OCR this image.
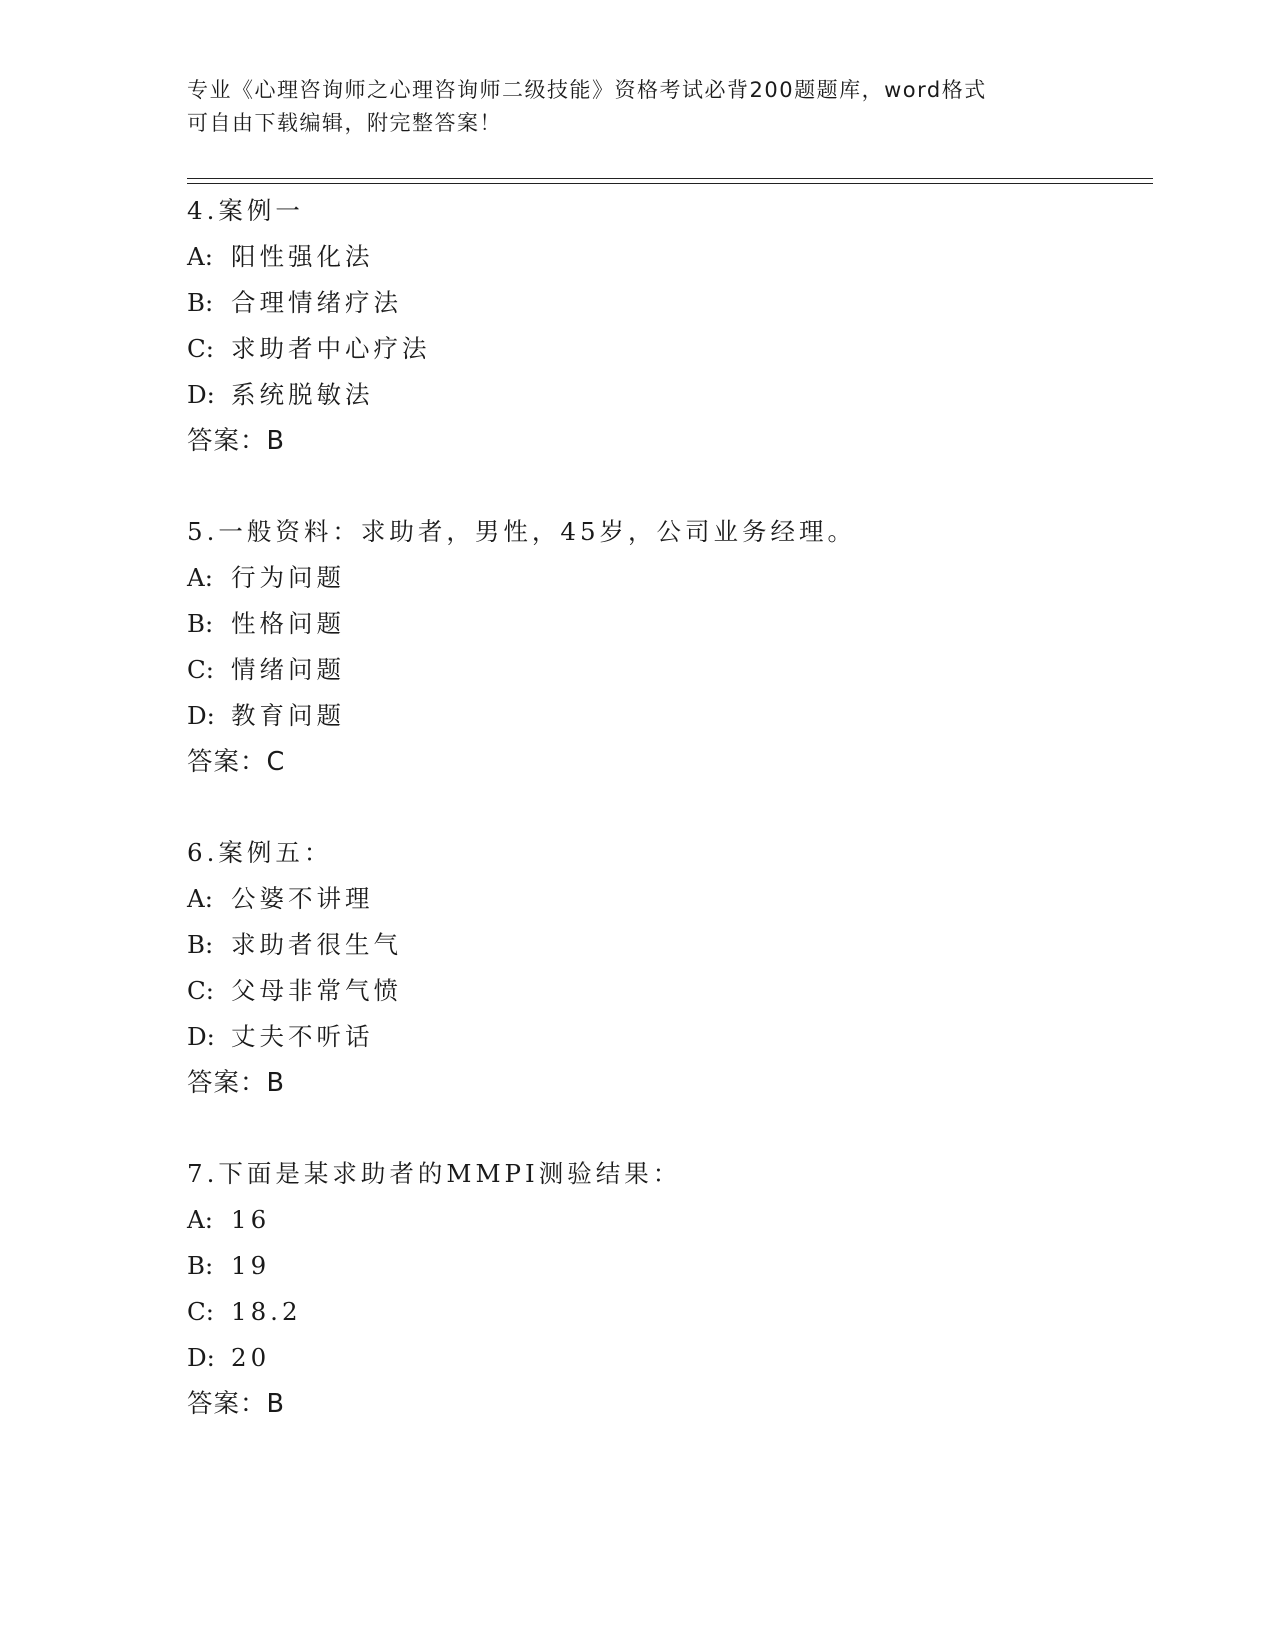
专业《心理咨询师之心理咨询师二级技能》资格考试必背200题题库，word格式
可自由下载编辑，附完整答案！
4.案例一
A: 阳性强化法
B: 合理情绪疗法
C: 求助者中心疗法
D: 系统脱敏法
答案：B
5.一般资料：求助者，男性，45岁，公司业务经理。
A: 行为问题
B: 性格问题
C: 情绪问题
D: 教育问题
答案：C
6.案例五：
A: 公婆不讲理
B: 求助者很生气
C: 父母非常气愤
D: 丈夫不听话
答案：B
7.下面是某求助者的MMPI测验结果：
A: 16
B: 19
C: 18.2
D: 20
答案：B
